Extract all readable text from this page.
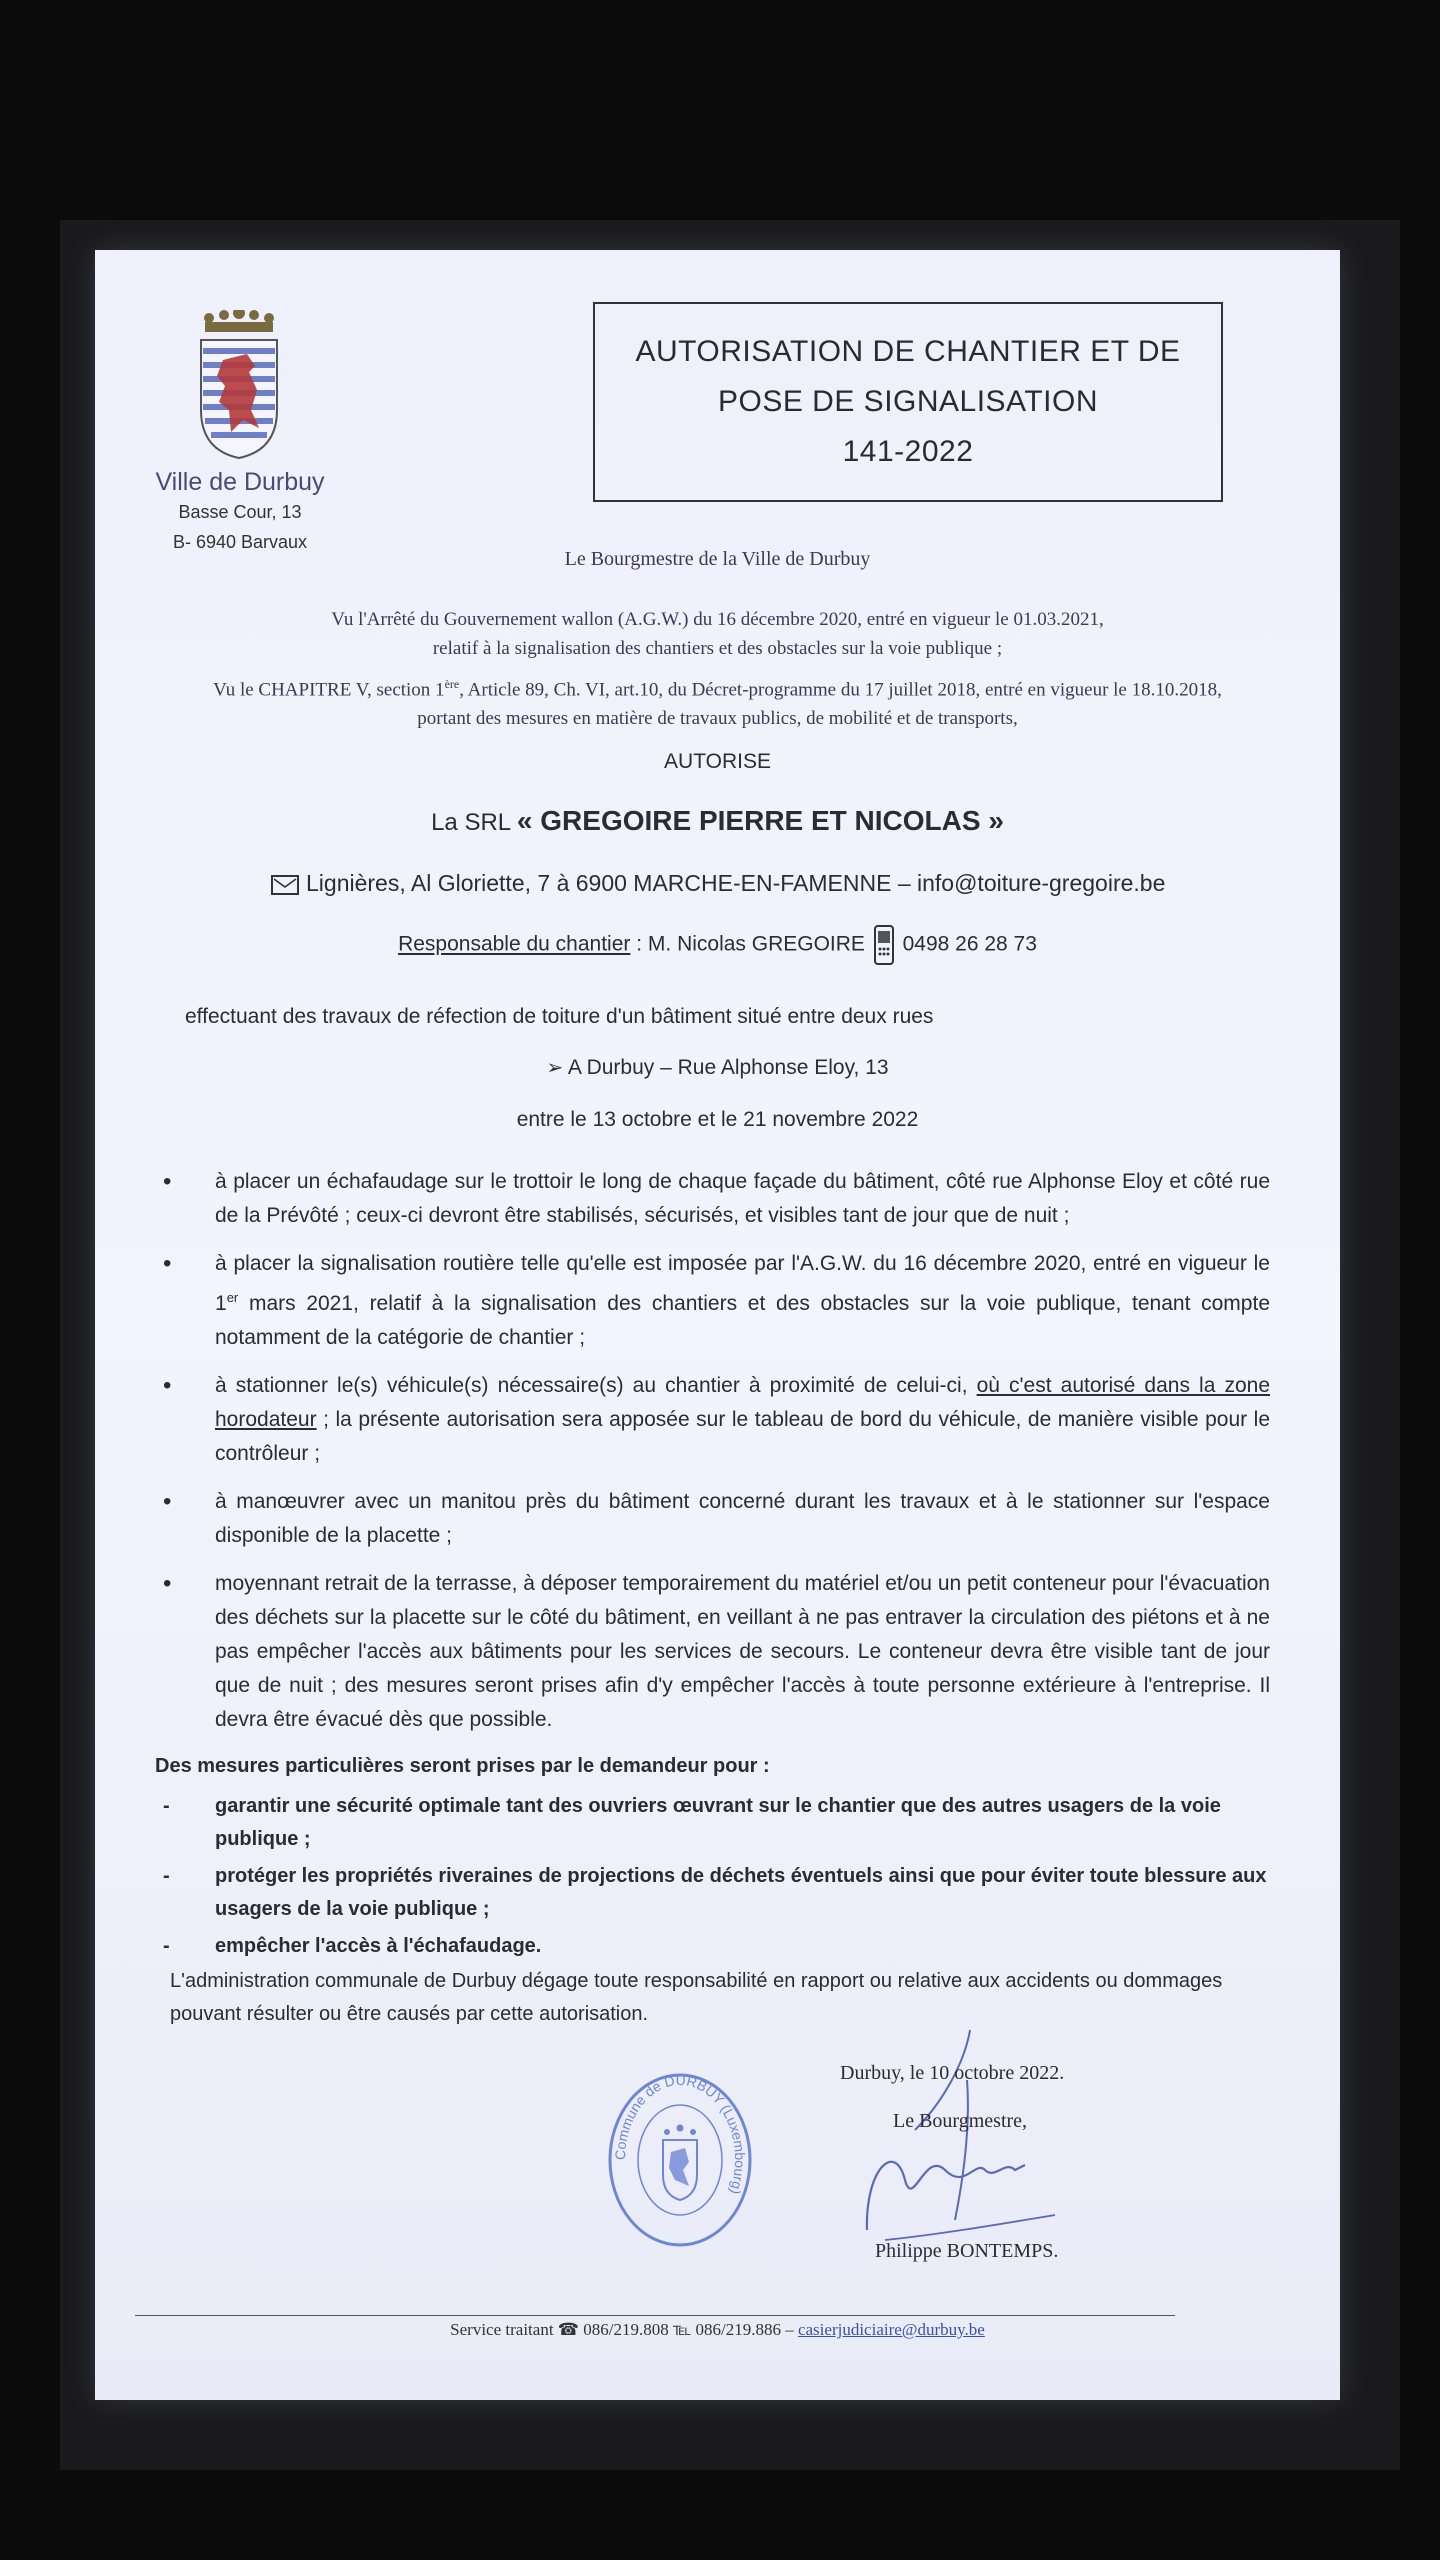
Ville de Durbuy
Basse Cour, 13
B- 6940 Barvaux
AUTORISATION DE CHANTIER ET DE
POSE DE SIGNALISATION
141-2022
Le Bourgmestre de la Ville de Durbuy
Vu l'Arrêté du Gouvernement wallon (A.G.W.) du 16 décembre 2020, entré en vigueur le 01.03.2021,
relatif à la signalisation des chantiers et des obstacles sur la voie publique ;
Vu le CHAPITRE V, section 1ère, Article 89, Ch. VI, art.10, du Décret-programme du 17 juillet 2018, entré en vigueur le 18.10.2018,
portant des mesures en matière de travaux publics, de mobilité et de transports,
AUTORISE
La SRL « GREGOIRE PIERRE ET NICOLAS »
Lignières, Al Gloriette, 7 à 6900 MARCHE-EN-FAMENNE – info@toiture-gregoire.be
Responsable du chantier : M. Nicolas GREGOIRE 0498 26 28 73
effectuant des travaux de réfection de toiture d'un bâtiment situé entre deux rues
➢ A Durbuy – Rue Alphonse Eloy, 13
entre le 13 octobre et le 21 novembre 2022
• à placer un échafaudage sur le trottoir le long de chaque façade du bâtiment, côté rue Alphonse Eloy et côté rue de la Prévôté ; ceux-ci devront être stabilisés, sécurisés, et visibles tant de jour que de nuit ;
• à placer la signalisation routière telle qu'elle est imposée par l'A.G.W. du 16 décembre 2020, entré en vigueur le 1er mars 2021, relatif à la signalisation des chantiers et des obstacles sur la voie publique, tenant compte notamment de la catégorie de chantier ;
• à stationner le(s) véhicule(s) nécessaire(s) au chantier à proximité de celui-ci, où c'est autorisé dans la zone horodateur ; la présente autorisation sera apposée sur le tableau de bord du véhicule, de manière visible pour le contrôleur ;
• à manœuvrer avec un manitou près du bâtiment concerné durant les travaux et à le stationner sur l'espace disponible de la placette ;
• moyennant retrait de la terrasse, à déposer temporairement du matériel et/ou un petit conteneur pour l'évacuation des déchets sur la placette sur le côté du bâtiment, en veillant à ne pas entraver la circulation des piétons et à ne pas empêcher l'accès aux bâtiments pour les services de secours. Le conteneur devra être visible tant de jour que de nuit ; des mesures seront prises afin d'y empêcher l'accès à toute personne extérieure à l'entreprise. Il devra être évacué dès que possible.
Des mesures particulières seront prises par le demandeur pour :
- garantir une sécurité optimale tant des ouvriers œuvrant sur le chantier que des autres usagers de la voie publique ;
- protéger les propriétés riveraines de projections de déchets éventuels ainsi que pour éviter toute blessure aux usagers de la voie publique ;
- empêcher l'accès à l'échafaudage.
L'administration communale de Durbuy dégage toute responsabilité en rapport ou relative aux accidents ou dommages pouvant résulter ou être causés par cette autorisation.
Commune de DURBUY (Luxembourg)
Durbuy, le 10 octobre 2022.
Le Bourgmestre,
Philippe BONTEMPS.
Service traitant ☎ 086/219.808 ℡ 086/219.886 – casierjudiciaire@durbuy.be
